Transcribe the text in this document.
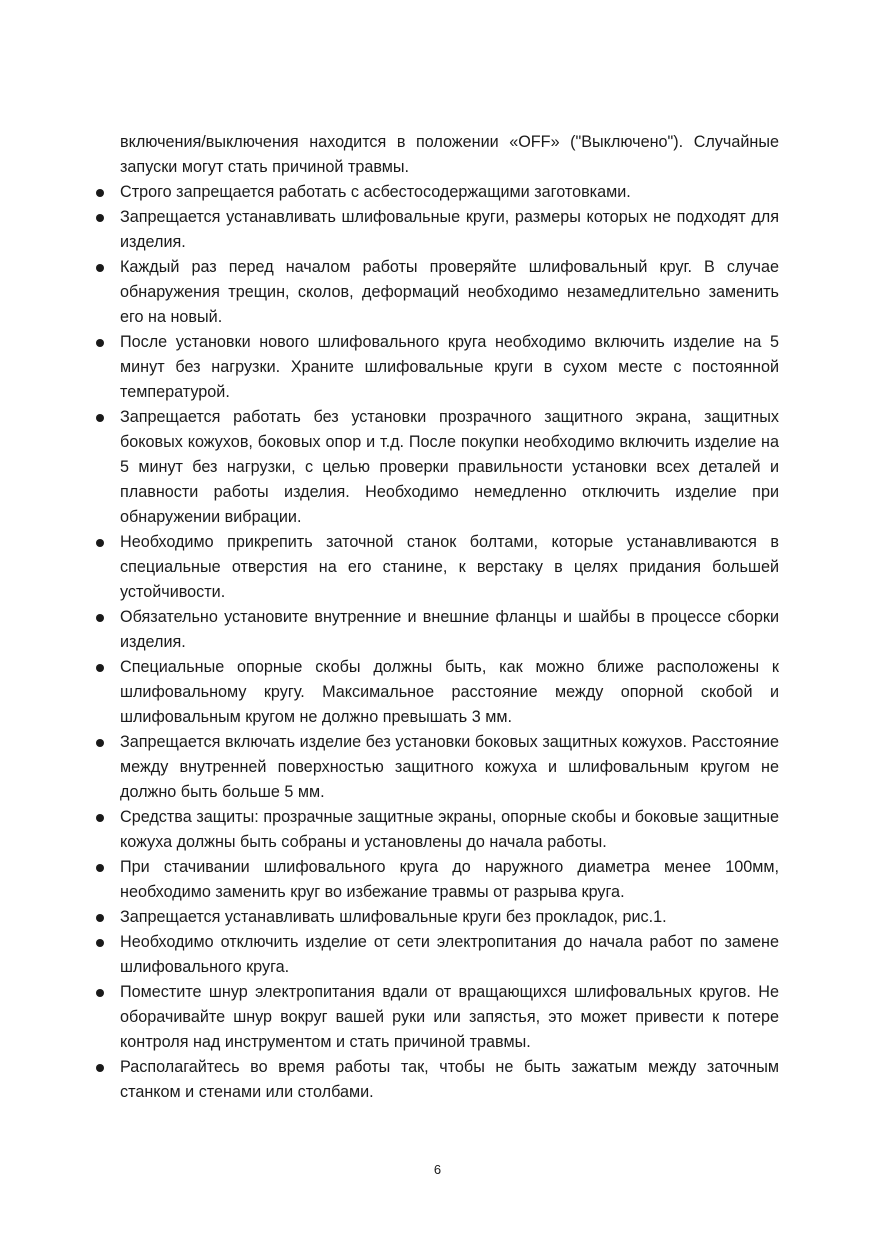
включения/выключения находится в положении «OFF» ("Выключено"). Случайные запуски могут стать причиной травмы.

Строго запрещается работать с асбестосодержащими заготовками.
Запрещается устанавливать шлифовальные круги, размеры которых не подходят для изделия.
Каждый раз перед началом работы проверяйте шлифовальный круг. В случае обнаружения трещин, сколов, деформаций необходимо незамедлительно заменить его на новый.
После установки нового шлифовального круга необходимо включить изделие на 5 минут без нагрузки. Храните шлифовальные круги в сухом месте с постоянной температурой.
Запрещается работать без установки прозрачного защитного экрана, защитных боковых кожухов, боковых опор и т.д. После покупки необходимо включить изделие на 5 минут без нагрузки, с целью проверки правильности установки всех деталей и плавности работы изделия. Необходимо немедленно отключить изделие при обнаружении вибрации.
Необходимо прикрепить заточной станок болтами, которые устанавливаются в специальные отверстия на его станине, к верстаку в целях придания большей устойчивости.
Обязательно установите внутренние и внешние фланцы и шайбы в процессе сборки изделия.
Специальные опорные скобы должны быть, как можно ближе расположены к шлифовальному кругу. Максимальное расстояние между опорной скобой и шлифовальным кругом не должно превышать 3 мм.
Запрещается включать изделие без установки боковых защитных кожухов. Расстояние между внутренней поверхностью защитного кожуха и шлифовальным кругом не должно быть больше 5 мм.
Средства защиты: прозрачные защитные экраны, опорные скобы и боковые защитные кожуха должны быть собраны и установлены до начала работы.
При стачивании шлифовального круга до наружного диаметра менее 100мм, необходимо заменить круг во избежание травмы от разрыва круга.
Запрещается устанавливать шлифовальные круги без прокладок, рис.1.
Необходимо отключить изделие от сети электропитания до начала работ по замене шлифовального круга.
Поместите шнур электропитания вдали от вращающихся шлифовальных кругов. Не оборачивайте шнур вокруг вашей руки или запястья, это может привести к потере контроля над инструментом и стать причиной травмы.
Располагайтесь во время работы так, чтобы не быть зажатым между заточным станком и стенами или столбами.
6
